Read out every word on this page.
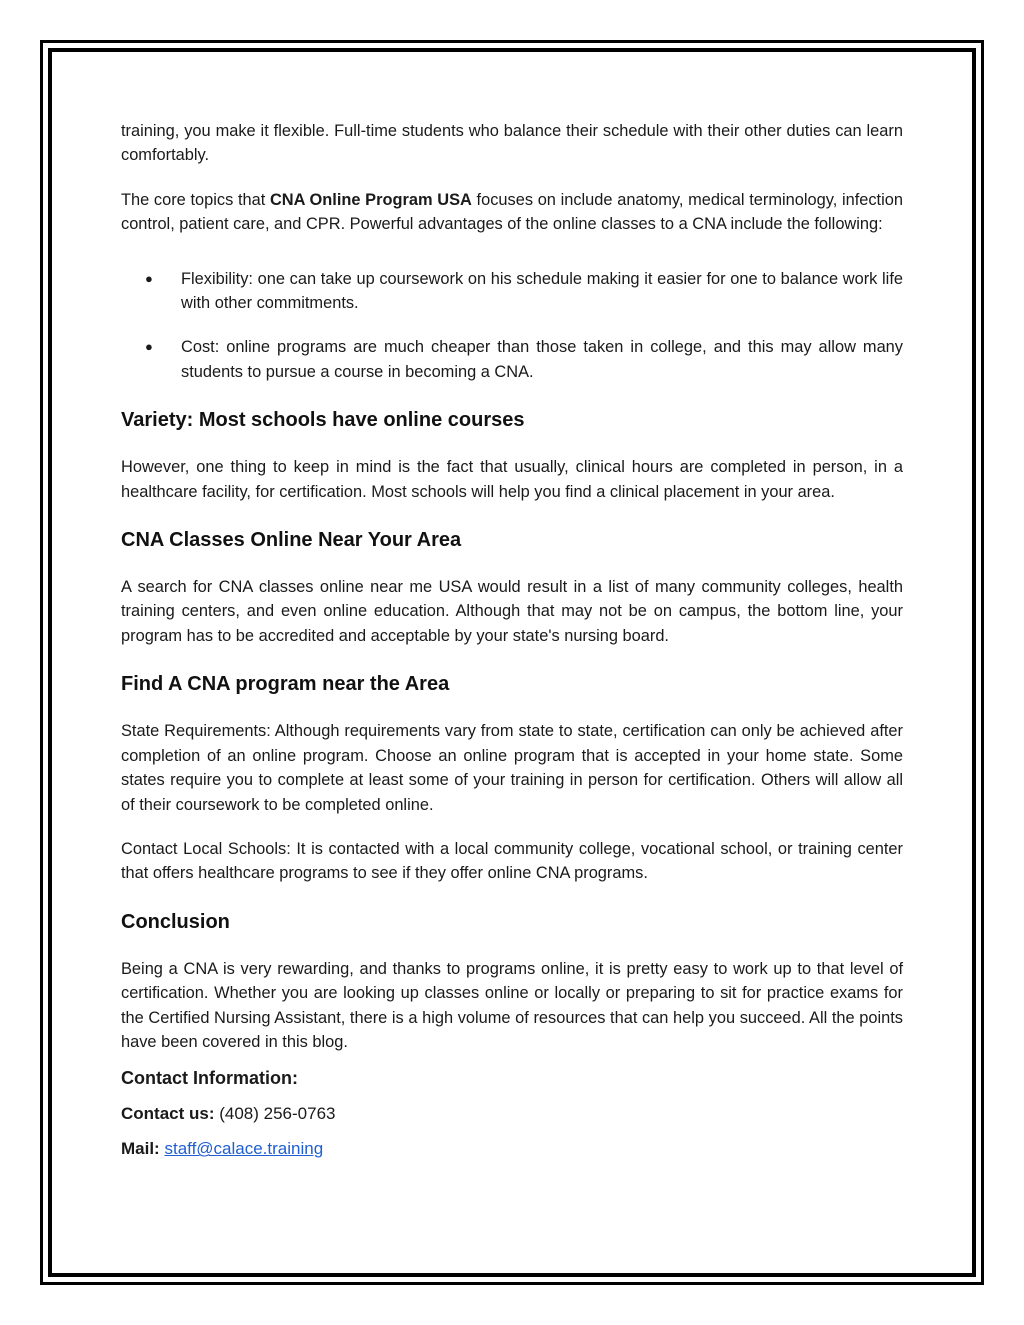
training, you make it flexible. Full-time students who balance their schedule with their other duties can learn comfortably.

The core topics that CNA Online Program USA focuses on include anatomy, medical terminology, infection control, patient care, and CPR. Powerful advantages of the online classes to a CNA include the following:

● Flexibility: one can take up coursework on his schedule making it easier for one to balance work life with other commitments.
● Cost: online programs are much cheaper than those taken in college, and this may allow many students to pursue a course in becoming a CNA.
Variety: Most schools have online courses

However, one thing to keep in mind is the fact that usually, clinical hours are completed in person, in a healthcare facility, for certification. Most schools will help you find a clinical placement in your area.

CNA Classes Online Near Your Area

A search for CNA classes online near me USA would result in a list of many community colleges, health training centers, and even online education. Although that may not be on campus, the bottom line, your program has to be accredited and acceptable by your state's nursing board.

Find A CNA program near the Area

State Requirements: Although requirements vary from state to state, certification can only be achieved after completion of an online program. Choose an online program that is accepted in your home state. Some states require you to complete at least some of your training in person for certification. Others will allow all of their coursework to be completed online.

Contact Local Schools: It is contacted with a local community college, vocational school, or training center that offers healthcare programs to see if they offer online CNA programs.

Conclusion

Being a CNA is very rewarding, and thanks to programs online, it is pretty easy to work up to that level of certification. Whether you are looking up classes online or locally or preparing to sit for practice exams for the Certified Nursing Assistant, there is a high volume of resources that can help you succeed. All the points have been covered in this blog.

Contact Information:
Contact us: (408) 256-0763
Mail: staff@calace.training
